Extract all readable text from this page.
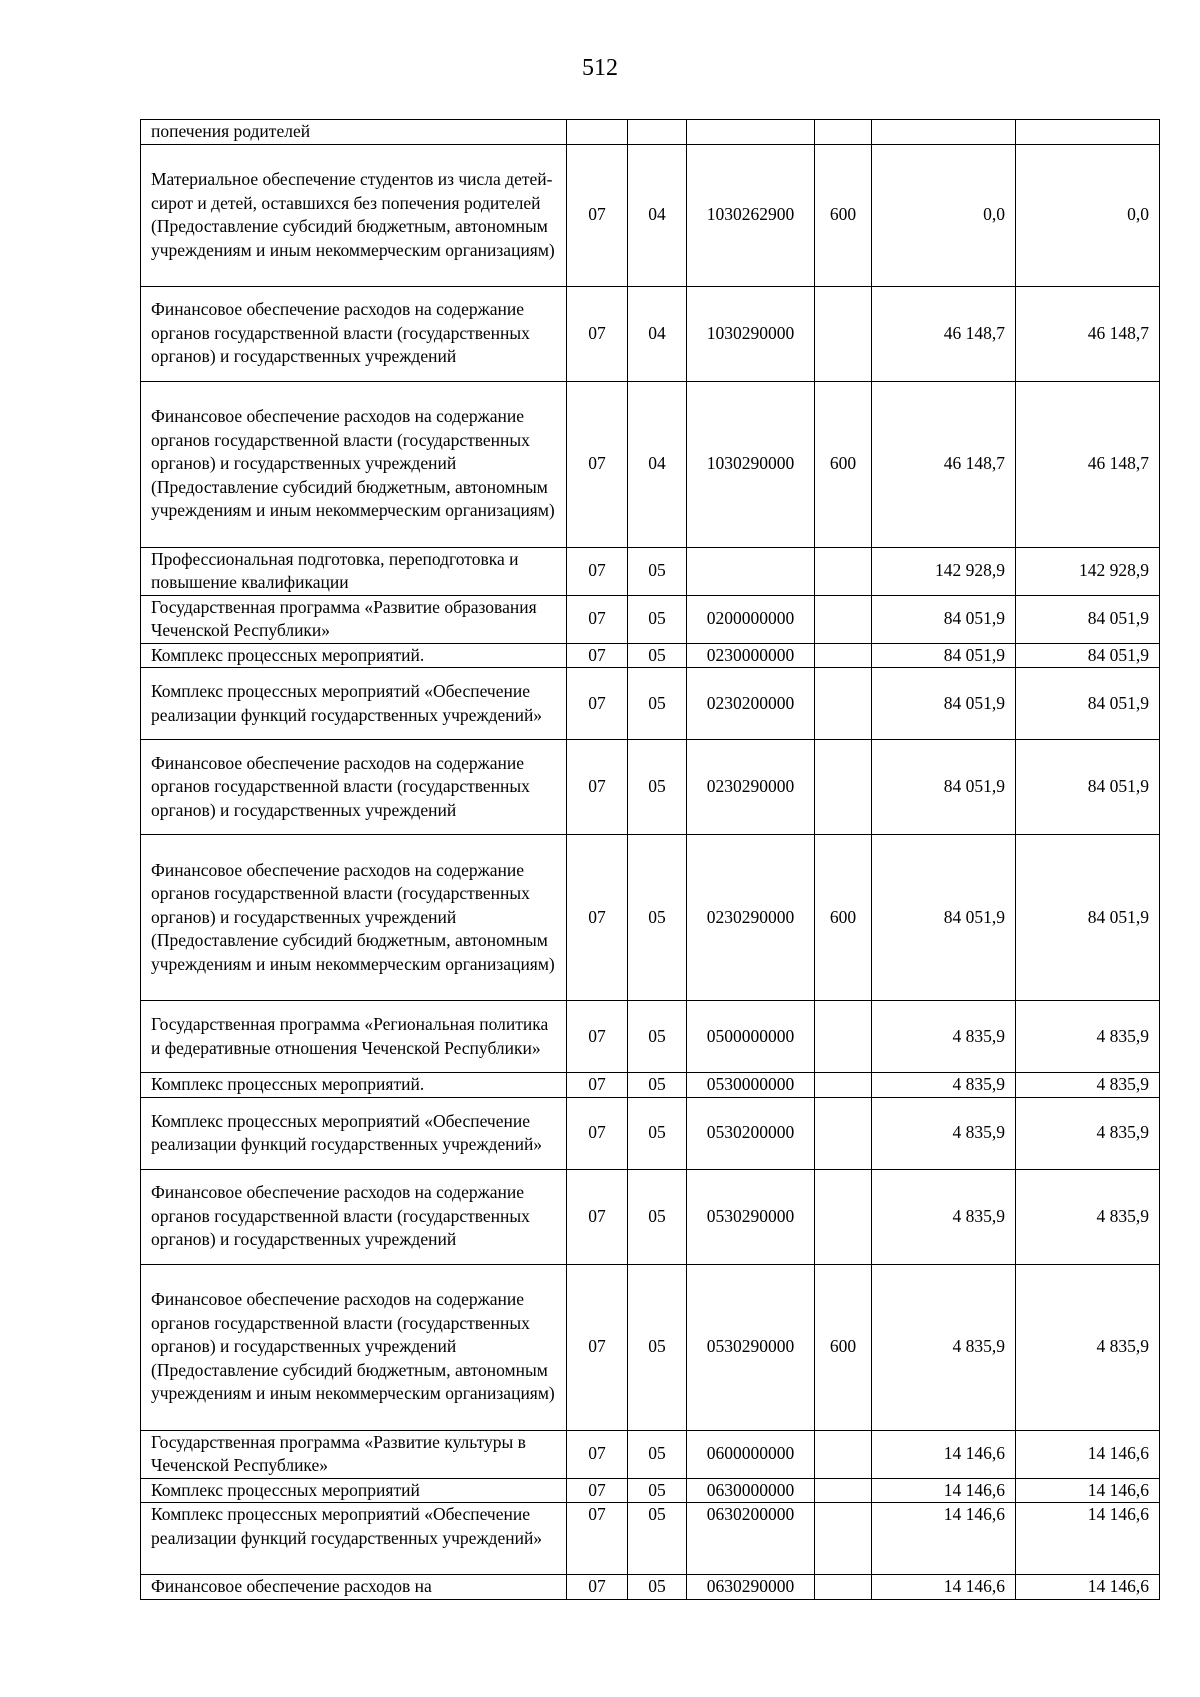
512
попечения родителей						
Материальное обеспечение студентов из числа детей-сирот и детей, оставшихся без попечения родителей (Предоставление субсидий бюджетным, автономным учреждениям и иным некоммерческим организациям)	07	04	1030262900	600	0,0	0,0
Финансовое обеспечение расходов на содержание органов государственной власти (государственных органов) и государственных учреждений	07	04	1030290000		46 148,7	46 148,7
Финансовое обеспечение расходов на содержание органов государственной власти (государственных органов) и государственных учреждений (Предоставление субсидий бюджетным, автономным учреждениям и иным некоммерческим организациям)	07	04	1030290000	600	46 148,7	46 148,7
Профессиональная подготовка, переподготовка и повышение квалификации	07	05			142 928,9	142 928,9
Государственная программа «Развитие образования Чеченской Республики»	07	05	0200000000		84 051,9	84 051,9
Комплекс процессных мероприятий.	07	05	0230000000		84 051,9	84 051,9
Комплекс процессных мероприятий «Обеспечение реализации функций государственных учреждений»	07	05	0230200000		84 051,9	84 051,9
Финансовое обеспечение расходов на содержание органов государственной власти (государственных органов) и государственных учреждений	07	05	0230290000		84 051,9	84 051,9
Финансовое обеспечение расходов на содержание органов государственной власти (государственных органов) и государственных учреждений (Предоставление субсидий бюджетным, автономным учреждениям и иным некоммерческим организациям)	07	05	0230290000	600	84 051,9	84 051,9
Государственная программа «Региональная политика и федеративные отношения Чеченской Республики»	07	05	0500000000		4 835,9	4 835,9
Комплекс процессных мероприятий.	07	05	0530000000		4 835,9	4 835,9
Комплекс процессных мероприятий «Обеспечение реализации функций государственных учреждений»	07	05	0530200000		4 835,9	4 835,9
Финансовое обеспечение расходов на содержание органов государственной власти (государственных органов) и государственных учреждений	07	05	0530290000		4 835,9	4 835,9
Финансовое обеспечение расходов на содержание органов государственной власти (государственных органов) и государственных учреждений (Предоставление субсидий бюджетным, автономным учреждениям и иным некоммерческим организациям)	07	05	0530290000	600	4 835,9	4 835,9
Государственная программа «Развитие культуры в Чеченской Республике»	07	05	0600000000		14 146,6	14 146,6
Комплекс процессных мероприятий	07	05	0630000000		14 146,6	14 146,6
Комплекс процессных мероприятий «Обеспечение реализации функций государственных учреждений»	07	05	0630200000		14 146,6	14 146,6
Финансовое обеспечение расходов на	07	05	0630290000		14 146,6	14 146,6
